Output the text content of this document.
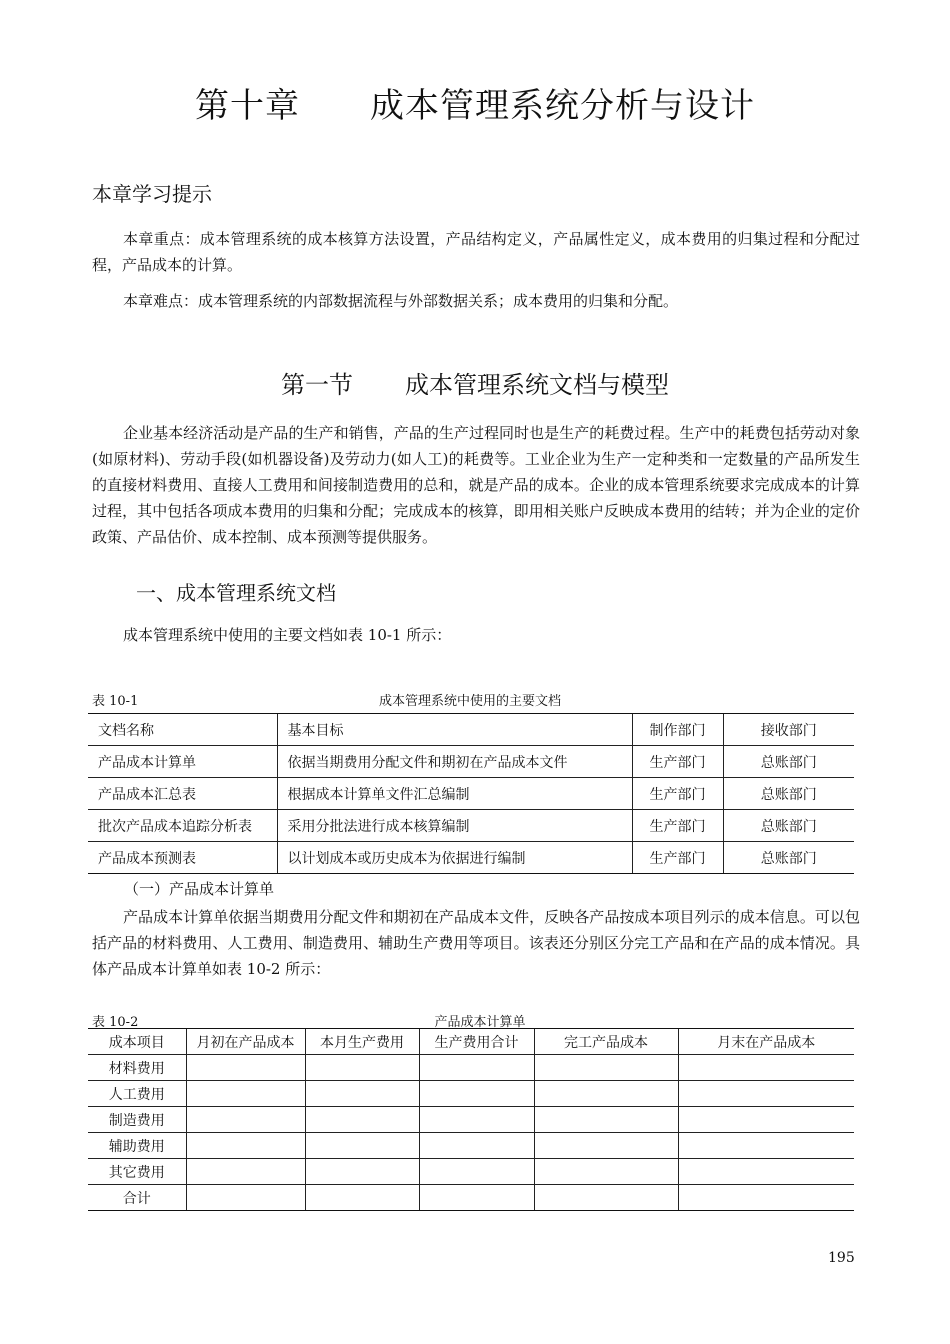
第十章 成本管理系统分析与设计
本章学习提示
本章重点：成本管理系统的成本核算方法设置，产品结构定义，产品属性定义，成本费用的归集过程和分配过程，产品成本的计算。
本章难点：成本管理系统的内部数据流程与外部数据关系；成本费用的归集和分配。
第一节 成本管理系统文档与模型
企业基本经济活动是产品的生产和销售，产品的生产过程同时也是生产的耗费过程。生产中的耗费包括劳动对象(如原材料)、劳动手段(如机器设备)及劳动力(如人工)的耗费等。工业企业为生产一定种类和一定数量的产品所发生的直接材料费用、直接人工费用和间接制造费用的总和，就是产品的成本。企业的成本管理系统要求完成成本的计算过程，其中包括各项成本费用的归集和分配；完成成本的核算，即用相关账户反映成本费用的结转；并为企业的定价政策、产品估价、成本控制、成本预测等提供服务。
一、成本管理系统文档
成本管理系统中使用的主要文档如表 10-1 所示：
表 10-1	成本管理系统中使用的主要文档
文档名称	基本目标	制作部门	接收部门
产品成本计算单	依据当期费用分配文件和期初在产品成本文件	生产部门	总账部门
产品成本汇总表	根据成本计算单文件汇总编制	生产部门	总账部门
批次产品成本追踪分析表	采用分批法进行成本核算编制	生产部门	总账部门
产品成本预测表	以计划成本或历史成本为依据进行编制	生产部门	总账部门
（一）产品成本计算单
产品成本计算单依据当期费用分配文件和期初在产品成本文件，反映各产品按成本项目列示的成本信息。可以包括产品的材料费用、人工费用、制造费用、辅助生产费用等项目。该表还分别区分完工产品和在产品的成本情况。具体产品成本计算单如表 10-2 所示：
表 10-2	产品成本计算单
成本项目	月初在产品成本	本月生产费用	生产费用合计	完工产品成本	月末在产品成本
材料费用					
人工费用					
制造费用					
辅助费用					
其它费用					
合计					
195
